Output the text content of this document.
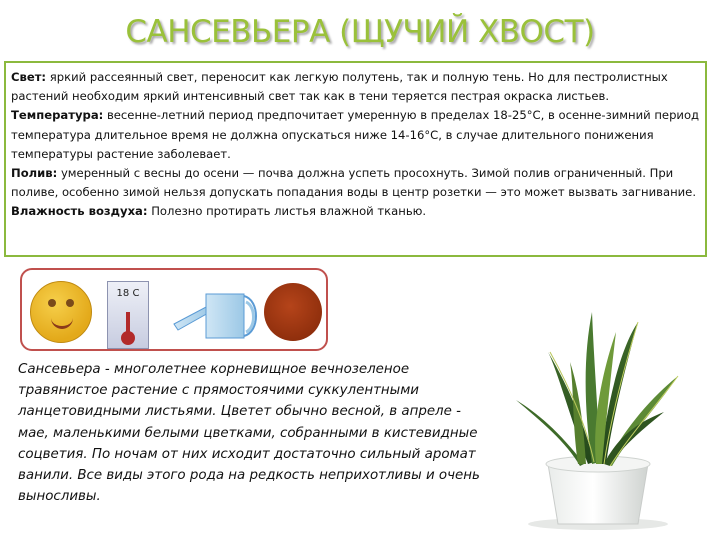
САНСЕВЬЕРА (ЩУЧИЙ ХВОСТ)

Свет: яркий рассеянный свет, переносит как легкую полутень, так и полную тень. Но для пестролистных растений необходим яркий интенсивный свет так как в тени теряется пестрая окраска листьев.

Температура: весенне-летний период предпочитает умеренную в пределах 18-25°C, в осенне-зимний период температура длительное время не должна опускаться ниже 14-16°C, в случае длительного понижения температуры растение заболевает.

Полив: умеренный с весны до осени — почва должна успеть просохнуть. Зимой полив ограниченный. При поливе, особенно зимой нельзя допускать попадания воды в центр розетки — это может вызвать загнивание.

Влажность воздуха: Полезно протирать листья влажной тканью.

18 C
Сансевьера - многолетнее корневищное вечнозеленое травянистое растение с прямостоячими суккулентными ланцетовидными листьями. Цветет обычно весной, в апреле - мае, маленькими белыми цветками, собранными в кистевидные соцветия. По ночам от них исходит достаточно сильный аромат ванили. Все виды этого рода на редкость неприхотливы и очень выносливы.
